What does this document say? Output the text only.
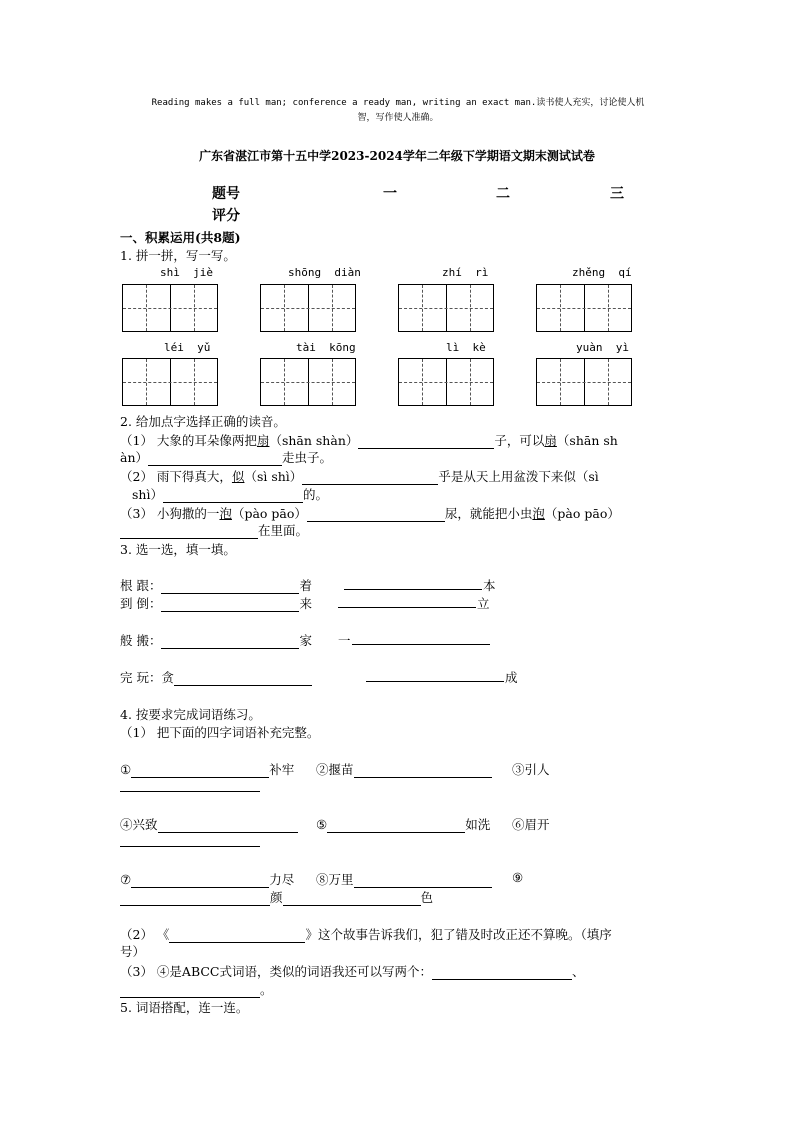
Reading makes a full man; conference a ready man, writing an exact man.读书使人充实，讨论使人机
智，写作使人准确。
广东省湛江市第十五中学2023-2024学年二年级下学期语文期末测试试卷
题号	一	二	三
评分
一、积累运用(共8题)
1. 拼一拼，写一写。
shì  jiè	shōng  diàn	zhí  rì	zhěng  qí
léi  yǔ	tài  kōng	lì  kè	yuàn  yì
2. 给加点字选择正确的读音。
（1） 大象的耳朵像两把扇（shān shàn）	子，可以扇（shān sh
àn）	走虫子。
（2） 雨下得真大，似（sì shì）	乎是从天上用盆泼下来似（sì
shì）	的。
（3） 小狗撒的一泡（pào pāo）	尿，就能把小虫泡（pào pāo）
在里面。
3. 选一选，填一填。
根 跟：	着	本
到 倒：	来	立
般 搬：	家 一
完 玩：贪	成
4. 按要求完成词语练习。
（1） 把下面的四字词语补充完整。
①	补牢 ②揠苗	③引人
④兴致	⑤	如洗 ⑥眉开
⑦	力尽 ⑧万里	⑨
颜	色
（2） 《	》这个故事告诉我们，犯了错及时改正还不算晚。（填序
号）
（3） ④是ABCC式词语，类似的词语我还可以写两个：	、
。
5. 词语搭配，连一连。
